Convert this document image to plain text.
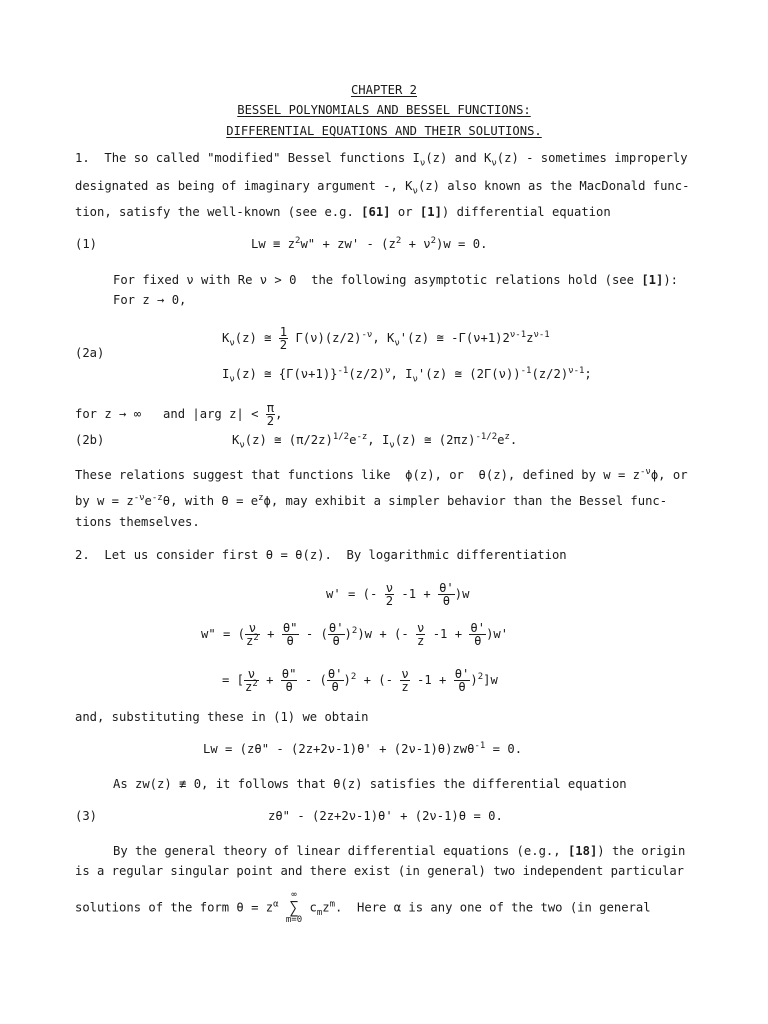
CHAPTER 2
BESSEL POLYNOMIALS AND BESSEL FUNCTIONS:
DIFFERENTIAL EQUATIONS AND THEIR SOLUTIONS.
1. The so called "modified" Bessel functions $I_\nu(z)$ and $K_\nu(z)$ - sometimes improperly
designated as being of imaginary argument -, $K_\nu(z)$ also known as the MacDonald func-
tion, satisfy the well-known (see e.g. [61] or [1]) differential equation
(1)	$Lw \equiv z^2w$" + $zw' - (z^2 + \nu^2)w = 0$.
For fixed ν with Re ν > 0  the following asymptotic relations hold (see [1]):
For z → 0,
$K_\nu(z)$ ≅ $\frac{1}{2} \Gamma(\nu)(z/2)^{-\nu}$, $K_\nu'(z)$ ≅ $-\Gamma(\nu+1)2^{\nu-1}z^{\nu-1}$
(2a)
$I_\nu(z)$ ≅ $\{\Gamma(\nu+1)\}^{-1}(z/2)^\nu$, $I_\nu'(z)$ ≅ $(2\Gamma(\nu))^{-1}(z/2)^{\nu-1}$;
for z → ∞   and |arg $z| < \frac{\pi}{2}$ ,
(2b)	$K_\nu(z)$ ≅ $(\pi/2z)^{1/2}e^{-z}$, $I_\nu(z)$ ≅ $(2\pi z)^{-1/2}e^z$.
These relations suggest that functions like  ϕ(z), or  θ(z), defined by $w = z^{-\nu}\phi$, or
by $w = z^{-\nu}e^{-z}\theta$, with $\theta = e^z\phi$, may exhibit a simpler behavior than the Bessel func-
tions themselves.
2. Let us consider first θ = θ(z).  By logarithmic differentiation
w' = (- $\frac{\nu}{2} -1 + \frac{\theta'}{\theta} )w$
w" = ( $\frac{\nu}{z^2} + \frac{\theta"}{\theta}$ - ( $\frac{\theta'}{\theta} )^2)w$ + (- $\frac{\nu}{z} -1 + \frac{\theta'}{\theta} )w'$
= [ $\frac{\nu}{z^2} + \frac{\theta"}{\theta}$ - ( $\frac{\theta'}{\theta} )^2$ + (- $\frac{\nu}{z} -1 + \frac{\theta'}{\theta} )^2]w$
and, substituting these in (1) we obtain
Lw = (zθ" - (2z+2ν-1)θ' + (2ν-1)θ)zwθ$^{-1}$ = 0.
As zw(z) ≢ 0, it follows that θ(z) satisfies the differential equation
(3)	zθ" - (2z+2ν-1)θ' + (2ν-1)θ = 0.
By the general theory of linear differential equations (e.g., [18]) the origin
is a regular singular point and there exist (in general) two independent particular
solutions of the form $\theta = z^\alpha$
∞
∑
m=0
$c_mz^m$.  Here α is any one of the two (in general
